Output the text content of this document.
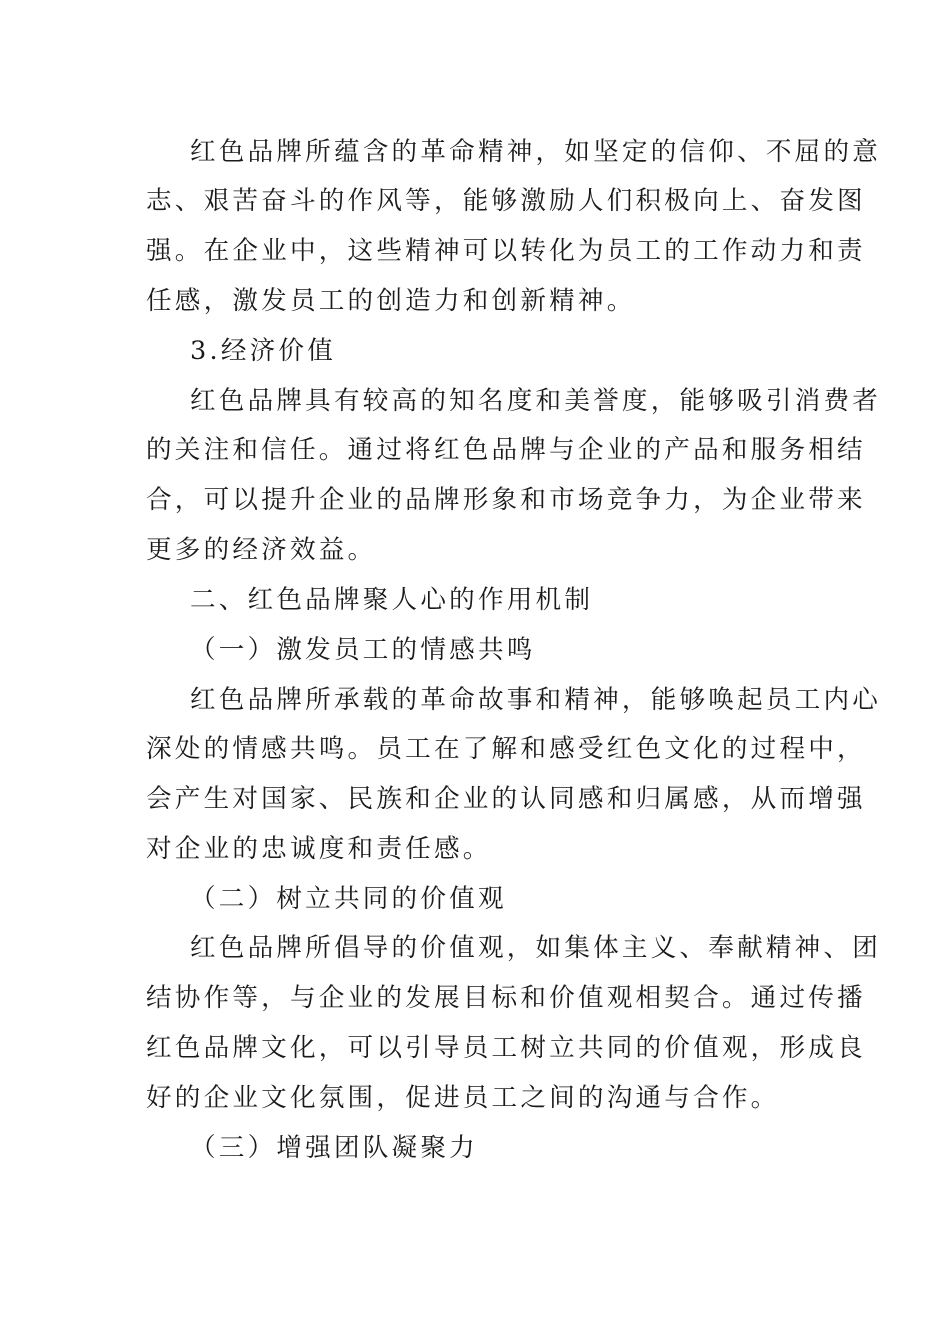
红色品牌所蕴含的革命精神，如坚定的信仰、不屈的意

志、艰苦奋斗的作风等，能够激励人们积极向上、奋发图

强。在企业中，这些精神可以转化为员工的工作动力和责

任感，激发员工的创造力和创新精神。

3.经济价值

红色品牌具有较高的知名度和美誉度，能够吸引消费者

的关注和信任。通过将红色品牌与企业的产品和服务相结

合，可以提升企业的品牌形象和市场竞争力，为企业带来

更多的经济效益。

二、红色品牌聚人心的作用机制

（一）激发员工的情感共鸣

红色品牌所承载的革命故事和精神，能够唤起员工内心

深处的情感共鸣。员工在了解和感受红色文化的过程中，

会产生对国家、民族和企业的认同感和归属感，从而增强

对企业的忠诚度和责任感。

（二）树立共同的价值观

红色品牌所倡导的价值观，如集体主义、奉献精神、团

结协作等，与企业的发展目标和价值观相契合。通过传播

红色品牌文化，可以引导员工树立共同的价值观，形成良

好的企业文化氛围，促进员工之间的沟通与合作。

（三）增强团队凝聚力
